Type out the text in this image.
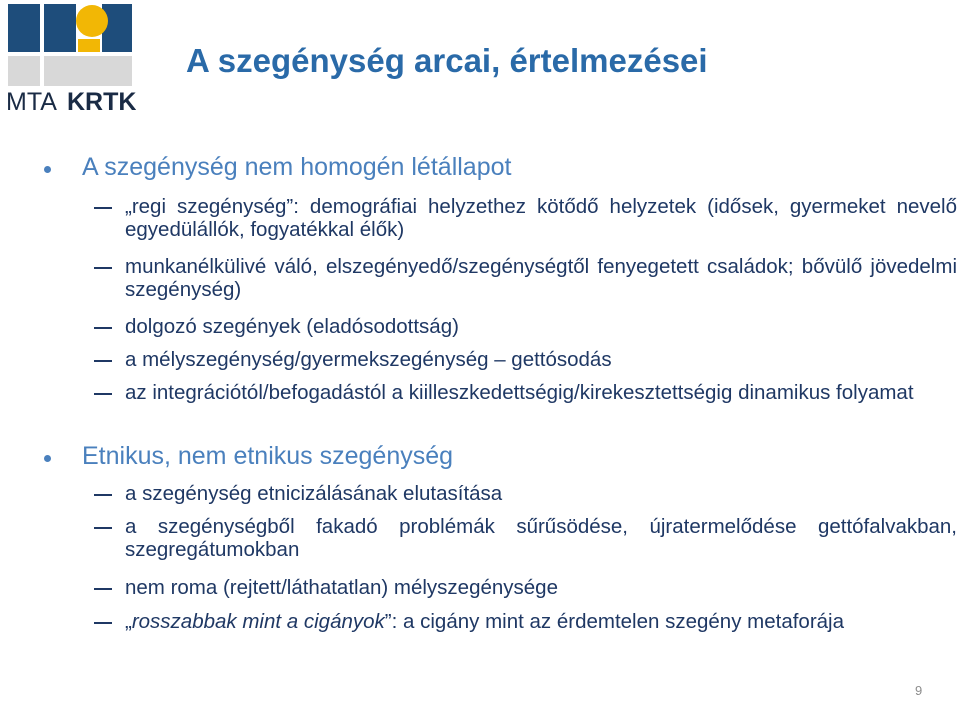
MTA KRTK
A szegénység arcai, értelmezései
A szegénység nem homogén létállapot
„regi szegénység”: demográfiai helyzethez kötődő helyzetek (idősek, gyermeket nevelő egyedülállók, fogyatékkal élők)
munkanélkülivé váló, elszegényedő/szegénységtől fenyegetett családok; bővülő jövedelmi szegénység)
dolgozó szegények (eladósodottság)
a mélyszegénység/gyermekszegénység – gettósodás
az integrációtól/befogadástól a kiilleszkedettségig/kirekesztettségig dinamikus folyamat
Etnikus, nem etnikus szegénység
a szegénység etnicizálásának elutasítása
a szegénységből fakadó problémák sűrűsödése, újratermelődése gettófalvakban, szegregátumokban
nem roma (rejtett/láthatatlan) mélyszegénysége
„rosszabbak mint a cigányok”: a cigány mint az érdemtelen szegény metaforája
9
